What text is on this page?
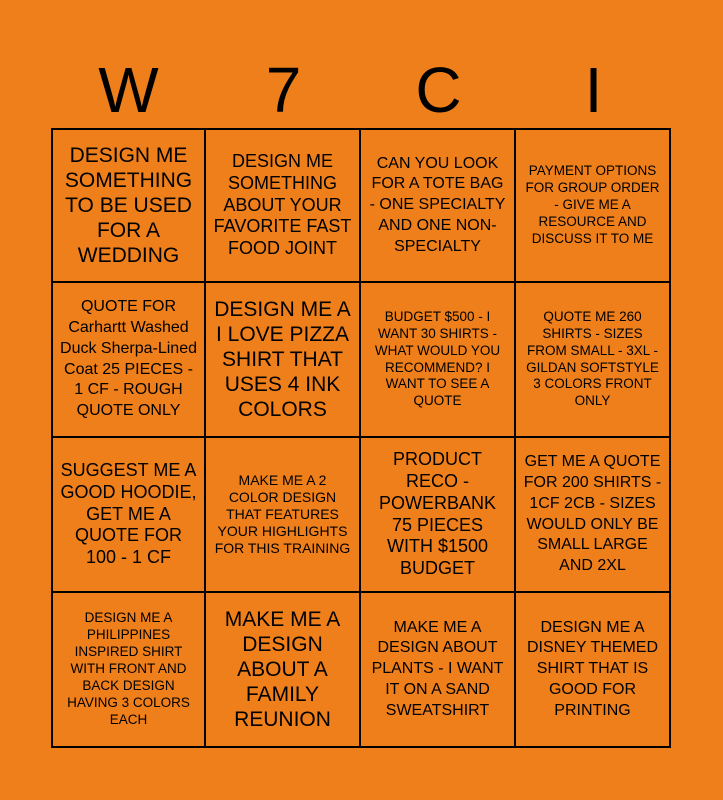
W	7	C	I
DESIGN ME SOMETHING TO BE USED FOR A WEDDING
DESIGN ME SOMETHING ABOUT YOUR FAVORITE FAST FOOD JOINT
CAN YOU LOOK FOR A TOTE BAG - ONE SPECIALTY AND ONE NON-SPECIALTY
PAYMENT OPTIONS FOR GROUP ORDER - GIVE ME A RESOURCE AND DISCUSS IT TO ME
QUOTE FOR Carhartt Washed Duck Sherpa-Lined Coat 25 PIECES - 1 CF - ROUGH QUOTE ONLY
DESIGN ME A I LOVE PIZZA SHIRT THAT USES 4 INK COLORS
BUDGET $500 - I WANT 30 SHIRTS - WHAT WOULD YOU RECOMMEND? I WANT TO SEE A QUOTE
QUOTE ME 260 SHIRTS - SIZES FROM SMALL - 3XL - GILDAN SOFTSTYLE 3 COLORS FRONT ONLY
SUGGEST ME A GOOD HOODIE, GET ME A QUOTE FOR 100 - 1 CF
MAKE ME A 2 COLOR DESIGN THAT FEATURES YOUR HIGHLIGHTS FOR THIS TRAINING
PRODUCT RECO - POWERBANK 75 PIECES WITH $1500 BUDGET
GET ME A QUOTE FOR 200 SHIRTS - 1CF 2CB - SIZES WOULD ONLY BE SMALL LARGE AND 2XL
DESIGN ME A PHILIPPINES INSPIRED SHIRT WITH FRONT AND BACK DESIGN HAVING 3 COLORS EACH
MAKE ME A DESIGN ABOUT A FAMILY REUNION
MAKE ME A DESIGN ABOUT PLANTS - I WANT IT ON A SAND SWEATSHIRT
DESIGN ME A DISNEY THEMED SHIRT THAT IS GOOD FOR PRINTING
